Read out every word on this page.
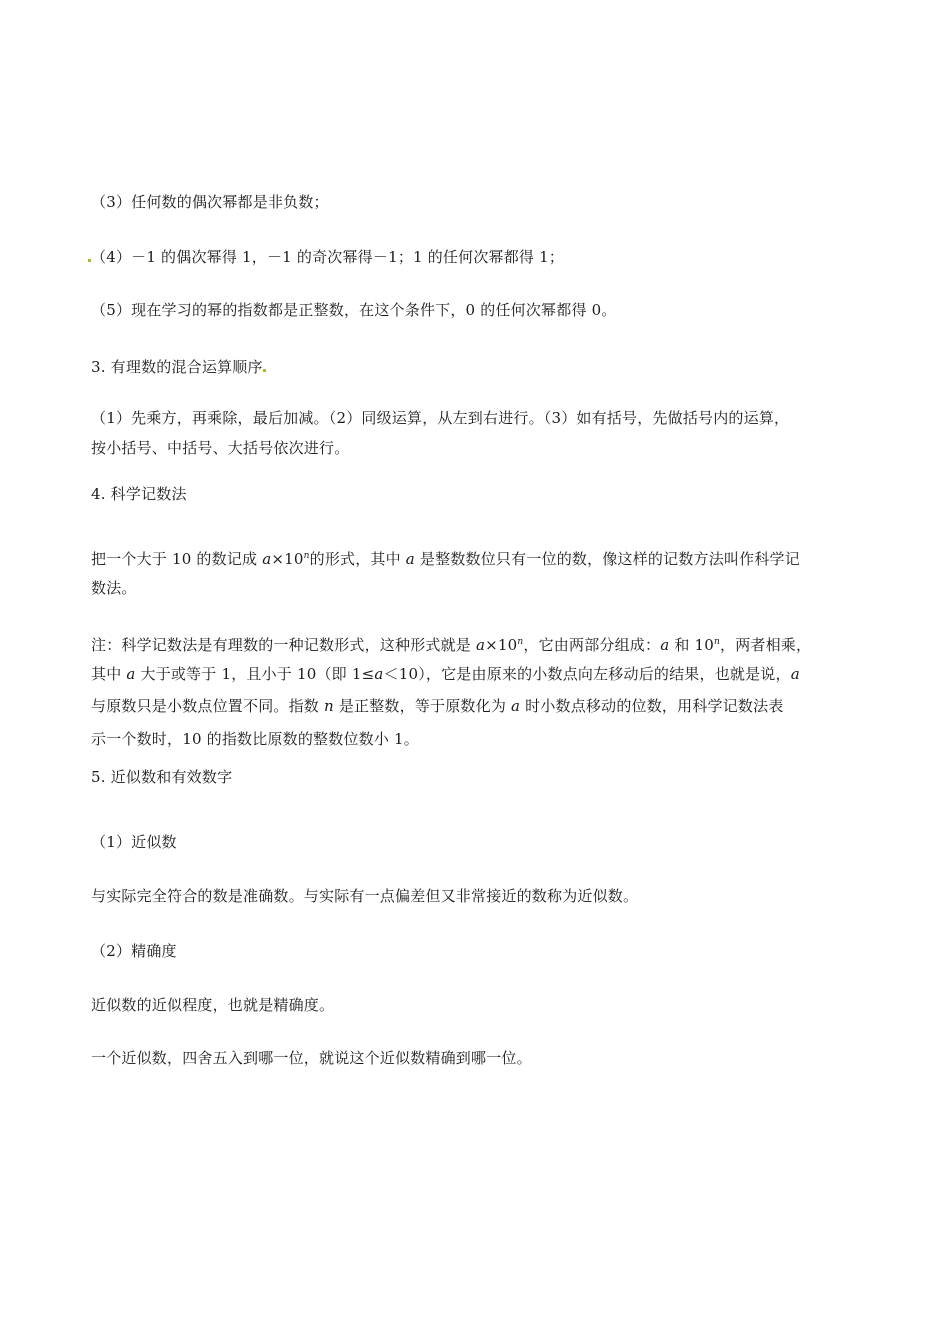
（3）任何数的偶次幂都是非负数；
（4）－1 的偶次幂得 1，－1 的奇次幂得－1；1 的任何次幂都得 1；
（5）现在学习的幂的指数都是正整数，在这个条件下，0 的任何次幂都得 0。
3. 有理数的混合运算顺序
（1）先乘方，再乘除，最后加减。（2）同级运算，从左到右进行。（3）如有括号，先做括号内的运算，
按小括号、中括号、大括号依次进行。
4. 科学记数法
把一个大于 10 的数记成 $a\times 10^n$的形式，其中 a 是整数数位只有一位的数，像这样的记数方法叫作科学记
数法。
注：科学记数法是有理数的一种记数形式，这种形式就是 $a\times 10^n$，它由两部分组成：a 和 10$^n$，两者相乘，
其中 a 大于或等于 1，且小于 10（即 1≤a＜10），它是由原来的小数点向左移动后的结果，也就是说，a
与原数只是小数点位置不同。指数 n 是正整数，等于原数化为 a 时小数点移动的位数，用科学记数法表
示一个数时，10 的指数比原数的整数位数小 1。
5. 近似数和有效数字
（1）近似数
与实际完全符合的数是准确数。与实际有一点偏差但又非常接近的数称为近似数。
（2）精确度
近似数的近似程度，也就是精确度。
一个近似数，四舍五入到哪一位，就说这个近似数精确到哪一位。
